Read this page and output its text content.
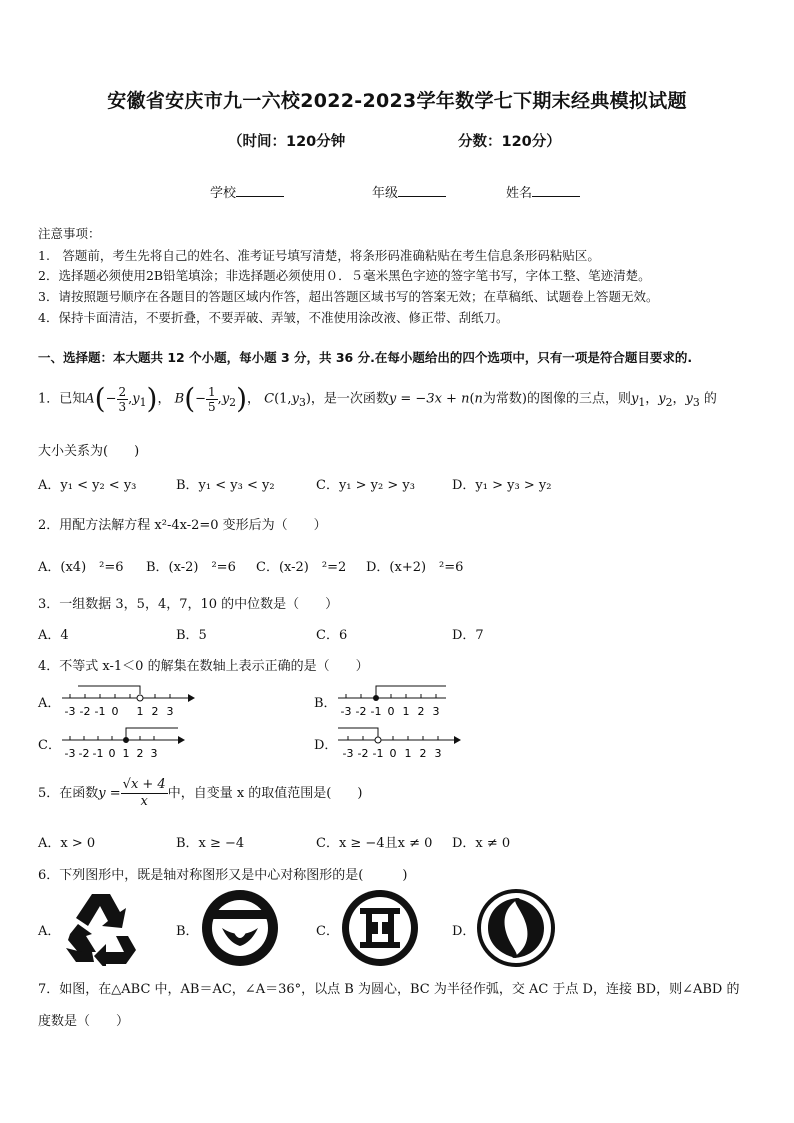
安徽省安庆市九一六校2022-2023学年数学七下期末经典模拟试题
（时间：120分钟	分数：120分）
学校	年级	姓名
注意事项：
1.　答题前，考生先将自己的姓名、准考证号填写清楚，将条形码准确粘贴在考生信息条形码粘贴区。
2．选择题必须使用2B铅笔填涂；非选择题必须使用０．５毫米黑色字迹的签字笔书写，字体工整、笔迹清楚。
3．请按照题号顺序在各题目的答题区域内作答，超出答题区域书写的答案无效；在草稿纸、试题卷上答题无效。
4．保持卡面清洁，不要折叠，不要弄破、弄皱，不准使用涂改液、修正带、刮纸刀。
一、选择题：本大题共 12 个小题，每小题 3 分，共 36 分.在每小题给出的四个选项中，只有一项是符合题目要求的.
1．已知$A(- \frac{2}{3} ,y_1)$， $B(- \frac{1}{5} ,y_2)$， $C(1,y_3)$，是一次函数y = −3x + n(n为常数)的图像的三点，则$y_1$，$y_2$，$y_3$ 的
大小关系为(　　)
A．y₁ < y₂ < y₃	B．y₁ < y₃ < y₂	C．y₁ > y₂ > y₃	D．y₁ > y₃ > y₂
2．用配方法解方程 x²-4x-2=0 变形后为（　　）
A．(x4)　²=6 B．(x-2)　²=6 C．(x-2)　²=2 D．(x+2)　²=6
3．一组数据 3，5，4，7，10 的中位数是（　　）
A．4	B．5	C．6	D．7
4．不等式 x-1＜0 的解集在数轴上表示正确的是（　　）
A．
-3 -2 -1 0 1 2 3
B．
-3 -2 -1 0 1 2 3
C．
-3 -2 -1 0 1 2 3
D．
-3 -2 -1 0 1 2 3
5．在函数$y = \frac{√x + 4}{x}$ 中，自变量 x 的取值范围是(　　)
A．x > 0	B．x ≥ −4	C．x ≥ −4且x ≠ 0 D．x ≠ 0
6．下列图形中，既是轴对称图形又是中心对称图形的是(　　　)
A．	B．	C．	D．
7．如图，在△ABC 中，AB＝AC，∠A＝36°，以点 B 为圆心，BC 为半径作弧，交 AC 于点 D，连接 BD，则∠ABD 的
度数是（　　）
